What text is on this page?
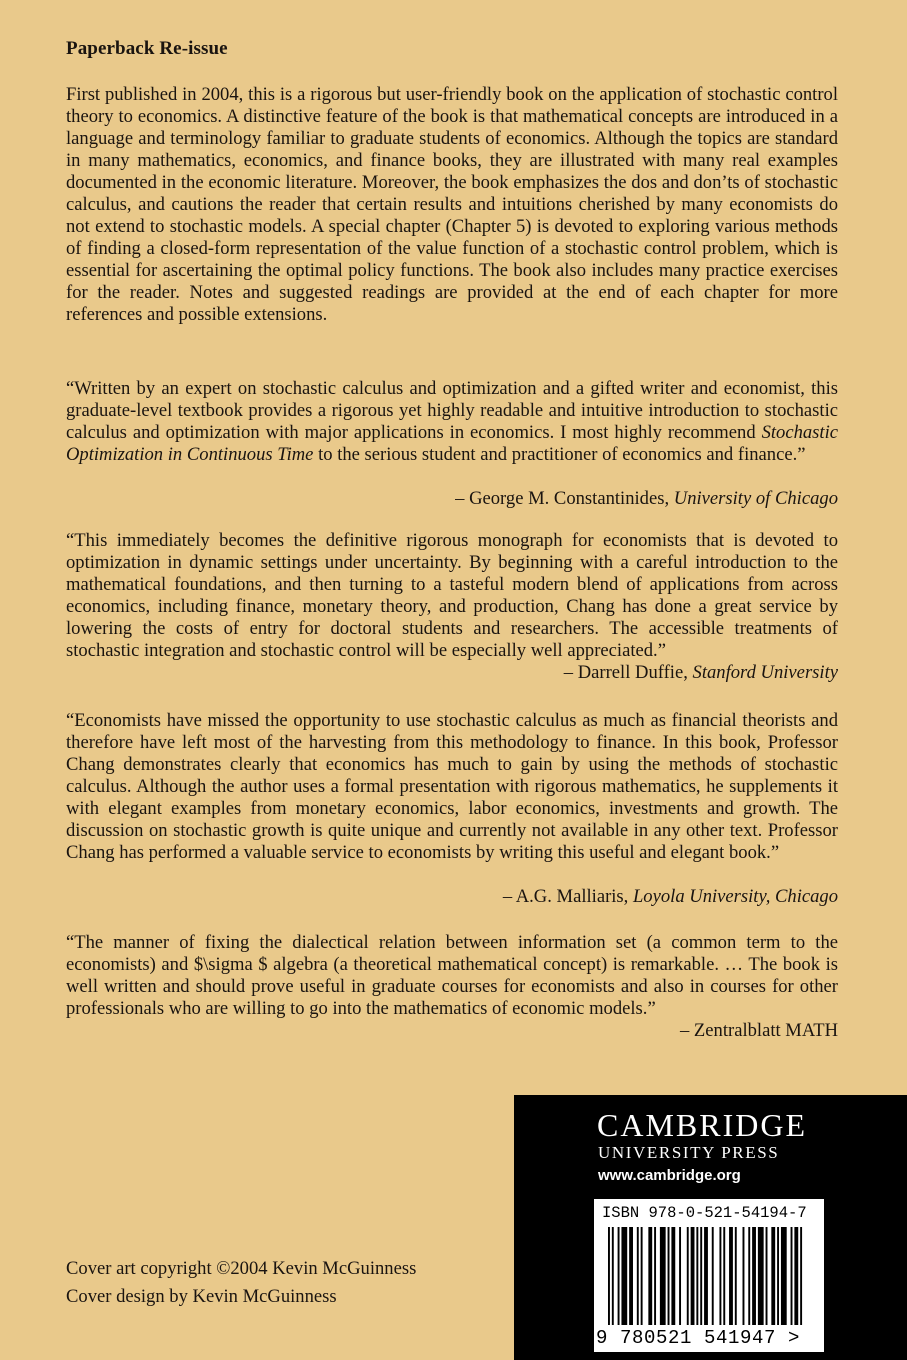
Paperback Re-issue

First published in 2004, this is a rigorous but user-friendly book on the application of stochastic control theory to economics. A distinctive feature of the book is that mathematical concepts are introduced in a language and terminology familiar to graduate students of economics. Although the topics are standard in many mathematics, economics, and finance books, they are illustrated with many real examples documented in the economic literature. Moreover, the book emphasizes the dos and don’ts of stochastic calculus, and cautions the reader that certain results and intuitions cherished by many economists do not extend to stochastic models. A special chapter (Chapter 5) is devoted to exploring various methods of finding a closed-form representation of the value function of a stochastic control problem, which is essential for ascertaining the optimal policy functions. The book also includes many practice exercises for the reader. Notes and suggested readings are provided at the end of each chapter for more references and possible extensions.

“Written by an expert on stochastic calculus and optimization and a gifted writer and economist, this graduate-level textbook provides a rigorous yet highly readable and intuitive introduction to stochastic calculus and optimization with major applications in economics. I most highly recommend Stochastic Optimization in Continuous Time to the serious student and practitioner of economics and finance.”

– George M. Constantinides, University of Chicago

“This immediately becomes the definitive rigorous monograph for economists that is devoted to optimization in dynamic settings under uncertainty. By beginning with a careful introduction to the mathematical foundations, and then turning to a tasteful modern blend of applications from across economics, including finance, monetary theory, and production, Chang has done a great service by lowering the costs of entry for doctoral students and researchers. The accessible treatments of stochastic integration and stochastic control will be especially well appreciated.”

– Darrell Duffie, Stanford University

“Economists have missed the opportunity to use stochastic calculus as much as financial theorists and therefore have left most of the harvesting from this methodology to finance. In this book, Professor Chang demonstrates clearly that economics has much to gain by using the methods of stochastic calculus. Although the author uses a formal presentation with rigorous mathematics, he supplements it with elegant examples from monetary economics, labor economics, investments and growth. The discussion on stochastic growth is quite unique and currently not available in any other text. Professor Chang has performed a valuable service to economists by writing this useful and elegant book.”

– A.G. Malliaris, Loyola University, Chicago

“The manner of fixing the dialectical relation between information set (a common term to the economists) and $\sigma $ algebra (a theoretical mathematical concept) is remarkable. … The book is well written and should prove useful in graduate courses for economists and also in courses for other professionals who are willing to go into the mathematics of economic models.”

– Zentralblatt MATH

CAMBRIDGE
UNIVERSITY PRESS
www.cambridge.org
ISBN 978-0-521-54194-7
9 780521 541947 >
Cover art copyright ©2004 Kevin McGuinness
Cover design by Kevin McGuinness
